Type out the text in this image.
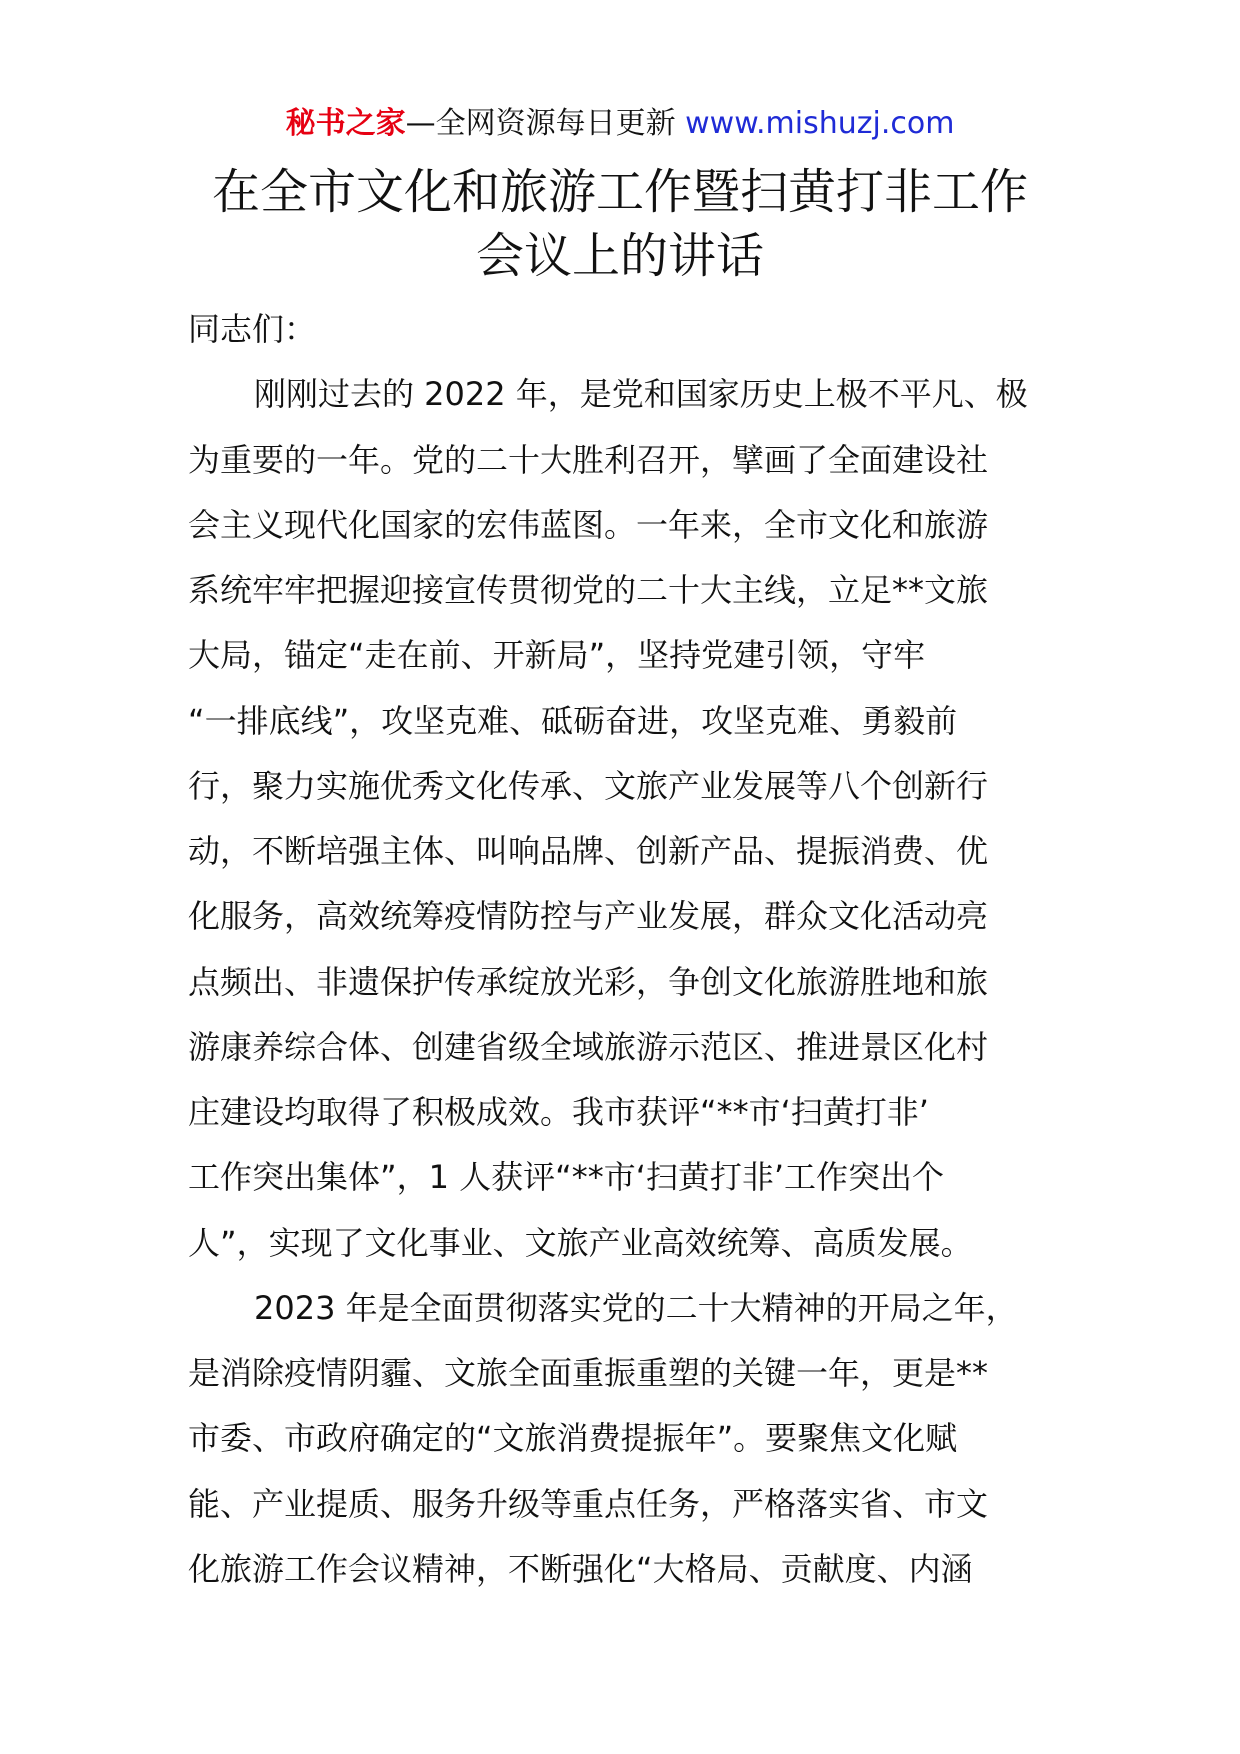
秘书之家—全网资源每日更新 www.mishuzj.com
在全市文化和旅游工作暨扫黄打非工作
会议上的讲话
同志们：
刚刚过去的 2022 年，是党和国家历史上极不平凡、极
为重要的一年。党的二十大胜利召开，擘画了全面建设社
会主义现代化国家的宏伟蓝图。一年来，全市文化和旅游
系统牢牢把握迎接宣传贯彻党的二十大主线，立足**文旅
大局，锚定“走在前、开新局”，坚持党建引领，守牢
“一排底线”，攻坚克难、砥砺奋进，攻坚克难、勇毅前
行，聚力实施优秀文化传承、文旅产业发展等八个创新行
动，不断培强主体、叫响品牌、创新产品、提振消费、优
化服务，高效统筹疫情防控与产业发展，群众文化活动亮
点频出、非遗保护传承绽放光彩，争创文化旅游胜地和旅
游康养综合体、创建省级全域旅游示范区、推进景区化村
庄建设均取得了积极成效。我市获评“**市‘扫黄打非’
工作突出集体”，1 人获评“**市‘扫黄打非’工作突出个
人”，实现了文化事业、文旅产业高效统筹、高质发展。
2023 年是全面贯彻落实党的二十大精神的开局之年，
是消除疫情阴霾、文旅全面重振重塑的关键一年，更是**
市委、市政府确定的“文旅消费提振年”。要聚焦文化赋
能、产业提质、服务升级等重点任务，严格落实省、市文
化旅游工作会议精神，不断强化“大格局、贡献度、内涵
